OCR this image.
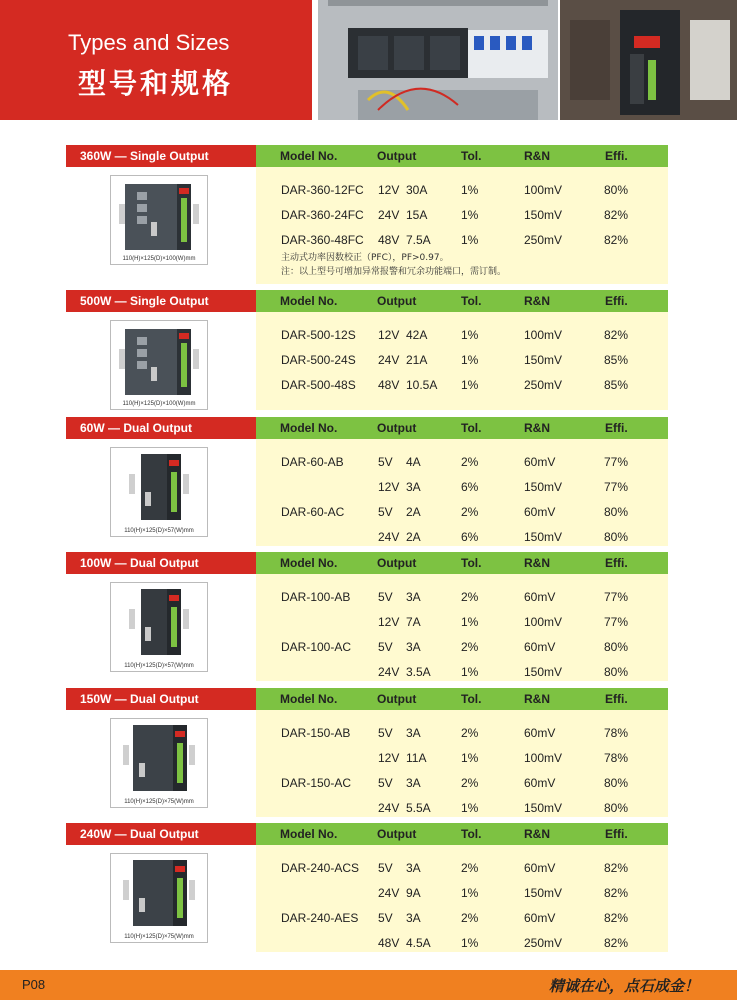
Types and Sizes
型号和规格
360W — Single Output	Model No.	Output	Tol.	R&N	Effi.
110(H)×125(D)×100(W)mm
DAR-360-12FC 12V 30A	1%	100mV	80%
DAR-360-24FC 24V 15A	1%	150mV	82%
DAR-360-48FC 48V 7.5A	1%	250mV	82%
主动式功率因数校正（PFC），PF>0.97。
注：以上型号可增加异常报警和冗余功能端口，需订制。
500W — Single Output	Model No.	Output	Tol.	R&N	Effi.
110(H)×125(D)×100(W)mm
DAR-500-12S 12V 42A	1%	100mV	82%
DAR-500-24S 24V 21A	1%	150mV	85%
DAR-500-48S 48V 10.5A 1%	250mV	85%
60W — Dual Output	Model No.	Output	Tol.	R&N	Effi.
110(H)×125(D)×57(W)mm
DAR-60-AB	5V 4A	2%	60mV	77%
12V 3A	6%	150mV	77%
DAR-60-AC	5V 2A	2%	60mV	80%
24V 2A	6%	150mV	80%
100W — Dual Output	Model No.	Output	Tol.	R&N	Effi.
110(H)×125(D)×57(W)mm
DAR-100-AB 5V 3A	2%	60mV	77%
12V 7A	1%	100mV	77%
DAR-100-AC 5V 3A	2%	60mV	80%
24V 3.5A	1%	150mV	80%
150W — Dual Output	Model No.	Output	Tol.	R&N	Effi.
110(H)×125(D)×75(W)mm
DAR-150-AB 5V 3A	2%	60mV	78%
12V 11A	1%	100mV	78%
DAR-150-AC 5V 3A	2%	60mV	80%
24V 5.5A	1%	150mV	80%
240W — Dual Output	Model No.	Output	Tol.	R&N	Effi.
110(H)×125(D)×75(W)mm
DAR-240-ACS 5V 3A	2%	60mV	82%
24V 9A	1%	150mV	82%
DAR-240-AES 5V 3A	2%	60mV	82%
48V 4.5A	1%	250mV	82%
P08	精诚在心，点石成金！
